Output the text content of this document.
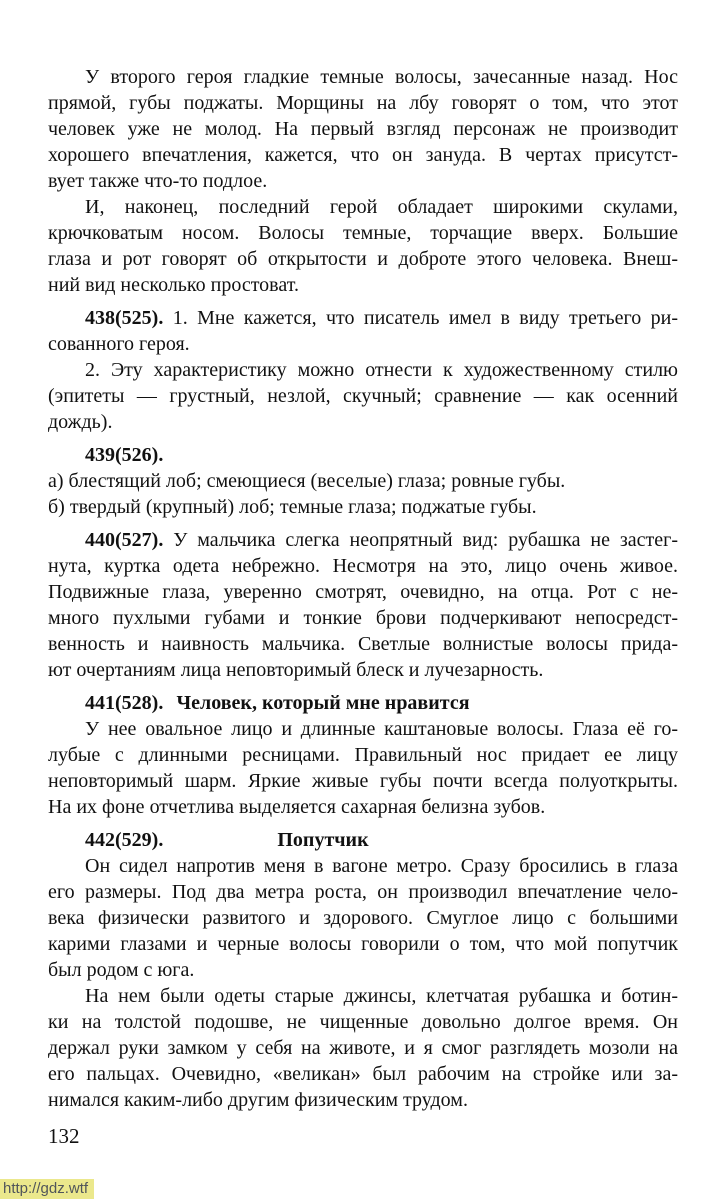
У второго героя гладкие темные волосы, зачесанные назад. Нос
прямой, губы поджаты. Морщины на лбу говорят о том, что этот
человек уже не молод. На первый взгляд персонаж не производит
хорошего впечатления, кажется, что он зануда. В чертах присутст-
вует также что-то подлое.
И, наконец, последний герой обладает широкими скулами,
крючковатым носом. Волосы темные, торчащие вверх. Большие
глаза и рот говорят об открытости и доброте этого человека. Внеш-
ний вид несколько простоват.
438(525). 1. Мне кажется, что писатель имел в виду третьего ри-
сованного героя.
2. Эту характеристику можно отнести к художественному стилю
(эпитеты — грустный, незлой, скучный; сравнение — как осенний
дождь).
439(526).
а) блестящий лоб; смеющиеся (веселые) глаза; ровные губы.
б) твердый (крупный) лоб; темные глаза; поджатые губы.
440(527). У мальчика слегка неопрятный вид: рубашка не застег-
нута, куртка одета небрежно. Несмотря на это, лицо очень живое.
Подвижные глаза, уверенно смотрят, очевидно, на отца. Рот с не-
много пухлыми губами и тонкие брови подчеркивают непосредст-
венность и наивность мальчика. Светлые волнистые волосы прида-
ют очертаниям лица неповторимый блеск и лучезарность.
441(528). Человек, который мне нравится
У нее овальное лицо и длинные каштановые волосы. Глаза её го-
лубые с длинными ресницами. Правильный нос придает ее лицу
неповторимый шарм. Яркие живые губы почти всегда полуоткрыты.
На их фоне отчетлива выделяется сахарная белизна зубов.
442(529).	Попутчик
Он сидел напротив меня в вагоне метро. Сразу бросились в глаза
его размеры. Под два метра роста, он производил впечатление чело-
века физически развитого и здорового. Смуглое лицо с большими
карими глазами и черные волосы говорили о том, что мой попутчик
был родом с юга.
На нем были одеты старые джинсы, клетчатая рубашка и ботин-
ки на толстой подошве, не чищенные довольно долгое время. Он
держал руки замком у себя на животе, и я смог разглядеть мозоли на
его пальцах. Очевидно, «великан» был рабочим на стройке или за-
нимался каким-либо другим физическим трудом.
132
http://gdz.wtf
